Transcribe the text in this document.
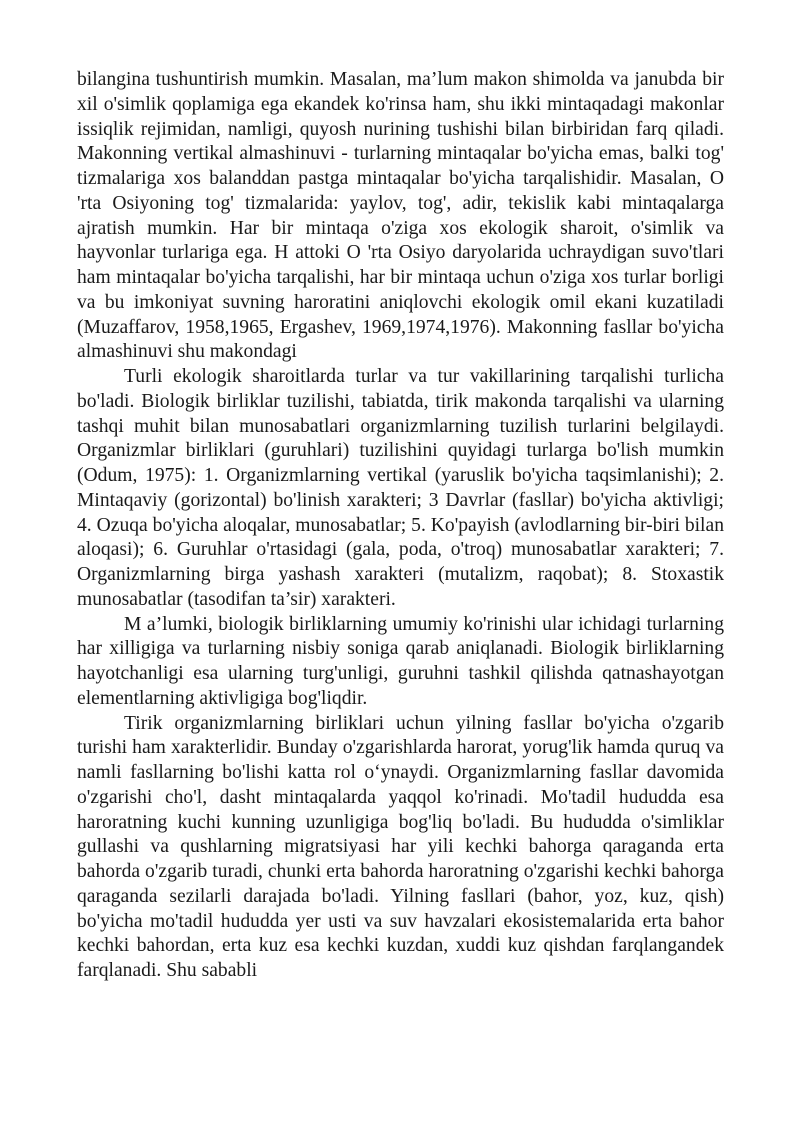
bilangina tushuntirish mumkin. Masalan, ma’lum makon shimolda va janubda bir xil o'simlik qoplamiga ega ekandek ko'rinsa ham, shu ikki mintaqadagi makonlar issiqlik rejimidan, namligi, quyosh nurining tushishi bilan birbiridan farq qiladi. Makonning vertikal almashinuvi - turlarning mintaqalar bo'yicha emas, balki tog' tizmalariga xos balanddan pastga mintaqalar bo'yicha tarqalishidir. Masalan, O 'rta Osiyoning tog' tizmalarida: yaylov, tog', adir, tekislik kabi mintaqalarga ajratish mumkin. Har bir mintaqa o'ziga xos ekologik sharoit, o'simlik va hayvonlar turlariga ega. H attoki O 'rta Osiyo daryolarida uchraydigan suvo'tlari ham mintaqalar bo'yicha tarqalishi, har bir mintaqa uchun o'ziga xos turlar borligi va bu imkoniyat suvning haroratini aniqlovchi ekologik omil ekani kuzatiladi (Muzaffarov, 1958,1965, Ergashev, 1969,1974,1976). Makonning fasllar bo'yicha almashinuvi shu makondagi

Turli ekologik sharoitlarda turlar va tur vakillarining tarqalishi turlicha bo'ladi. Biologik birliklar tuzilishi, tabiatda, tirik makonda tarqalishi va ularning tashqi muhit bilan munosabatlari organizmlarning tuzilish turlarini belgilaydi. Organizmlar birliklari (guruhlari) tuzilishini quyidagi turlarga bo'lish mumkin (Odum, 1975): 1. Organizmlarning vertikal (yaruslik bo'yicha taqsimlanishi); 2. Mintaqaviy (gorizontal) bo'linish xarakteri; 3 Davrlar (fasllar) bo'yicha aktivligi; 4. Ozuqa bo'yicha aloqalar, munosabatlar; 5. Ko'payish (avlodlarning bir-biri bilan aloqasi); 6. Guruhlar o'rtasidagi (gala, poda, o'troq) munosabatlar xarakteri; 7. Organizmlarning birga yashash xarakteri (mutalizm, raqobat); 8. Stoxastik munosabatlar (tasodifan ta’sir) xarakteri.

M a’lumki, biologik birliklarning umumiy ko'rinishi ular ichidagi turlarning har xilligiga va turlarning nisbiy soniga qarab aniqlanadi. Biologik birliklarning hayotchanligi esa ularning turg'unligi, guruhni tashkil qilishda qatnashayotgan elementlarning aktivligiga bog'liqdir.

Tirik organizmlarning birliklari uchun yilning fasllar bo'yicha o'zgarib turishi ham xarakterlidir. Bunday o'zgarishlarda harorat, yorug'lik hamda quruq va namli fasllarning bo'lishi katta rol oʻynaydi. Organizmlarning fasllar davomida o'zgarishi cho'l, dasht mintaqalarda yaqqol ko'rinadi. Mo'tadil hududda esa haroratning kuchi kunning uzunligiga bog'liq bo'ladi. Bu hududda o'simliklar gullashi va qushlarning migratsiyasi har yili kechki bahorga qaraganda erta bahorda o'zgarib turadi, chunki erta bahorda haroratning o'zgarishi kechki bahorga qaraganda sezilarli darajada bo'ladi. Yilning fasllari (bahor, yoz, kuz, qish) bo'yicha mo'tadil hududda yer usti va suv havzalari ekosistemalarida erta bahor kechki bahordan, erta kuz esa kechki kuzdan, xuddi kuz qishdan farqlangandek farqlanadi. Shu sababli
